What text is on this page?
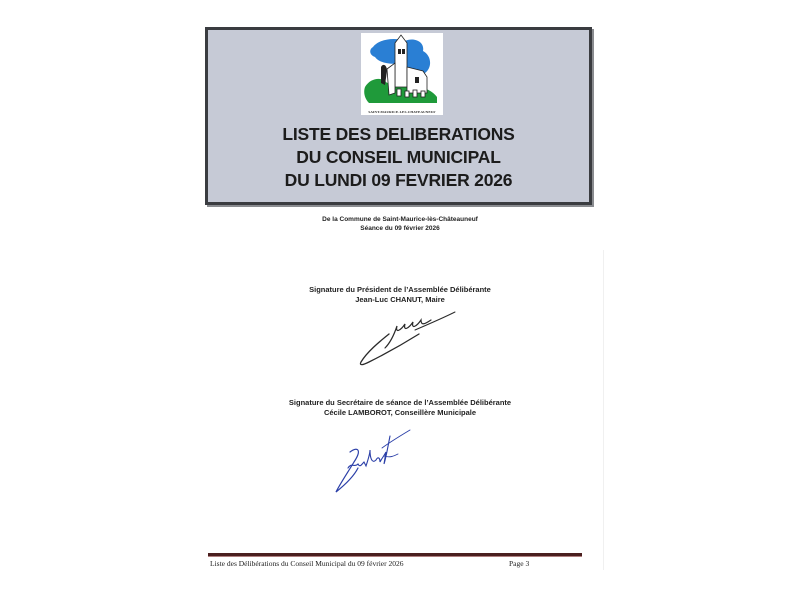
SAINT-MAURICE-LES-CHATEAUNEUF
LISTE DES DELIBERATIONS
DU CONSEIL MUNICIPAL
DU LUNDI 09 FEVRIER 2026
De la Commune de Saint-Maurice-lès-Châteauneuf
Séance du 09 février 2026
Signature du Président de l’Assemblée Délibérante
Jean-Luc CHANUT, Maire
Signature du Secrétaire de séance de l’Assemblée Délibérante
Cécile LAMBOROT, Conseillère Municipale
Liste des Délibérations du Conseil Municipal du 09 février 2026	Page 3
